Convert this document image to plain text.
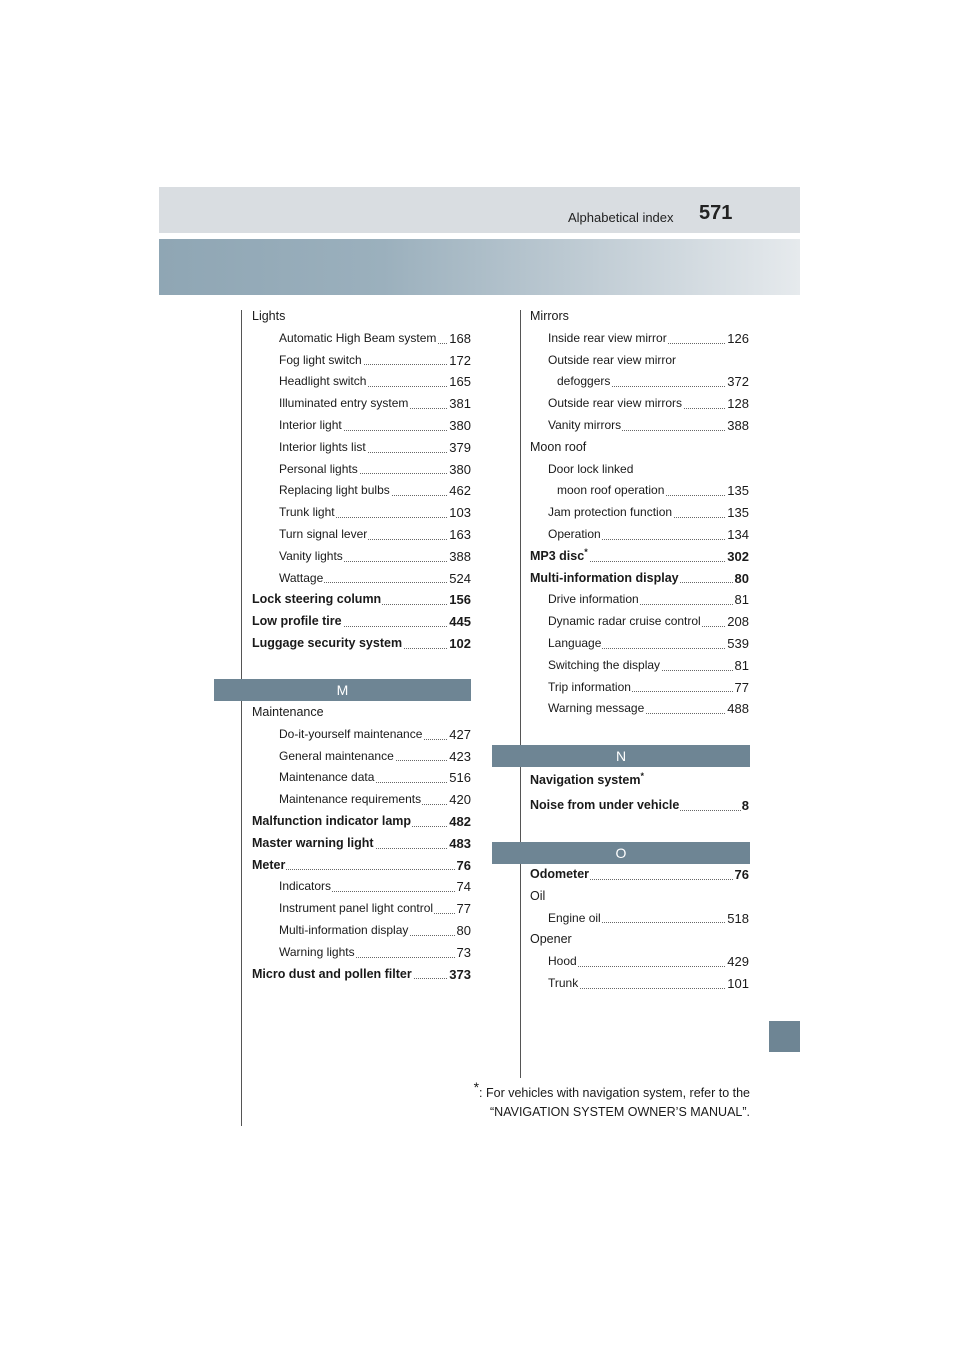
Alphabetical index 571
Lights
Automatic High Beam system 168
Fog light switch	172
Headlight switch	165
Illuminated entry system	381
Interior light	380
Interior lights list	379
Personal lights	380
Replacing light bulbs	462
Trunk light	103
Turn signal lever	163
Vanity lights	388
Wattage	524
Lock steering column	156
Low profile tire	445
Luggage security system	102
M
Maintenance
Do-it-yourself maintenance 427
General maintenance	423
Maintenance data	516
Maintenance requirements 420
Malfunction indicator lamp	482
Master warning light	483
Meter	76
Indicators	74
Instrument panel light control 77
Multi-information display	80
Warning lights	73
Micro dust and pollen filter	373
Mirrors
Inside rear view mirror	126
Outside rear view mirror
defoggers	372
Outside rear view mirrors	128
Vanity mirrors	388
Moon roof
Door lock linked
moon roof operation	135
Jam protection function	135
Operation	134
MP3 disc*	302
Multi-information display	80
Drive information	81
Dynamic radar cruise control 208
Language	539
Switching the display	81
Trip information	77
Warning message	488
N
Navigation system*
Noise from under vehicle	8
O
Odometer	76
Oil
Engine oil	518
Opener
Hood	429
Trunk	101
*: For vehicles with navigation system, refer to the
“NAVIGATION SYSTEM OWNER’S MANUAL”.
